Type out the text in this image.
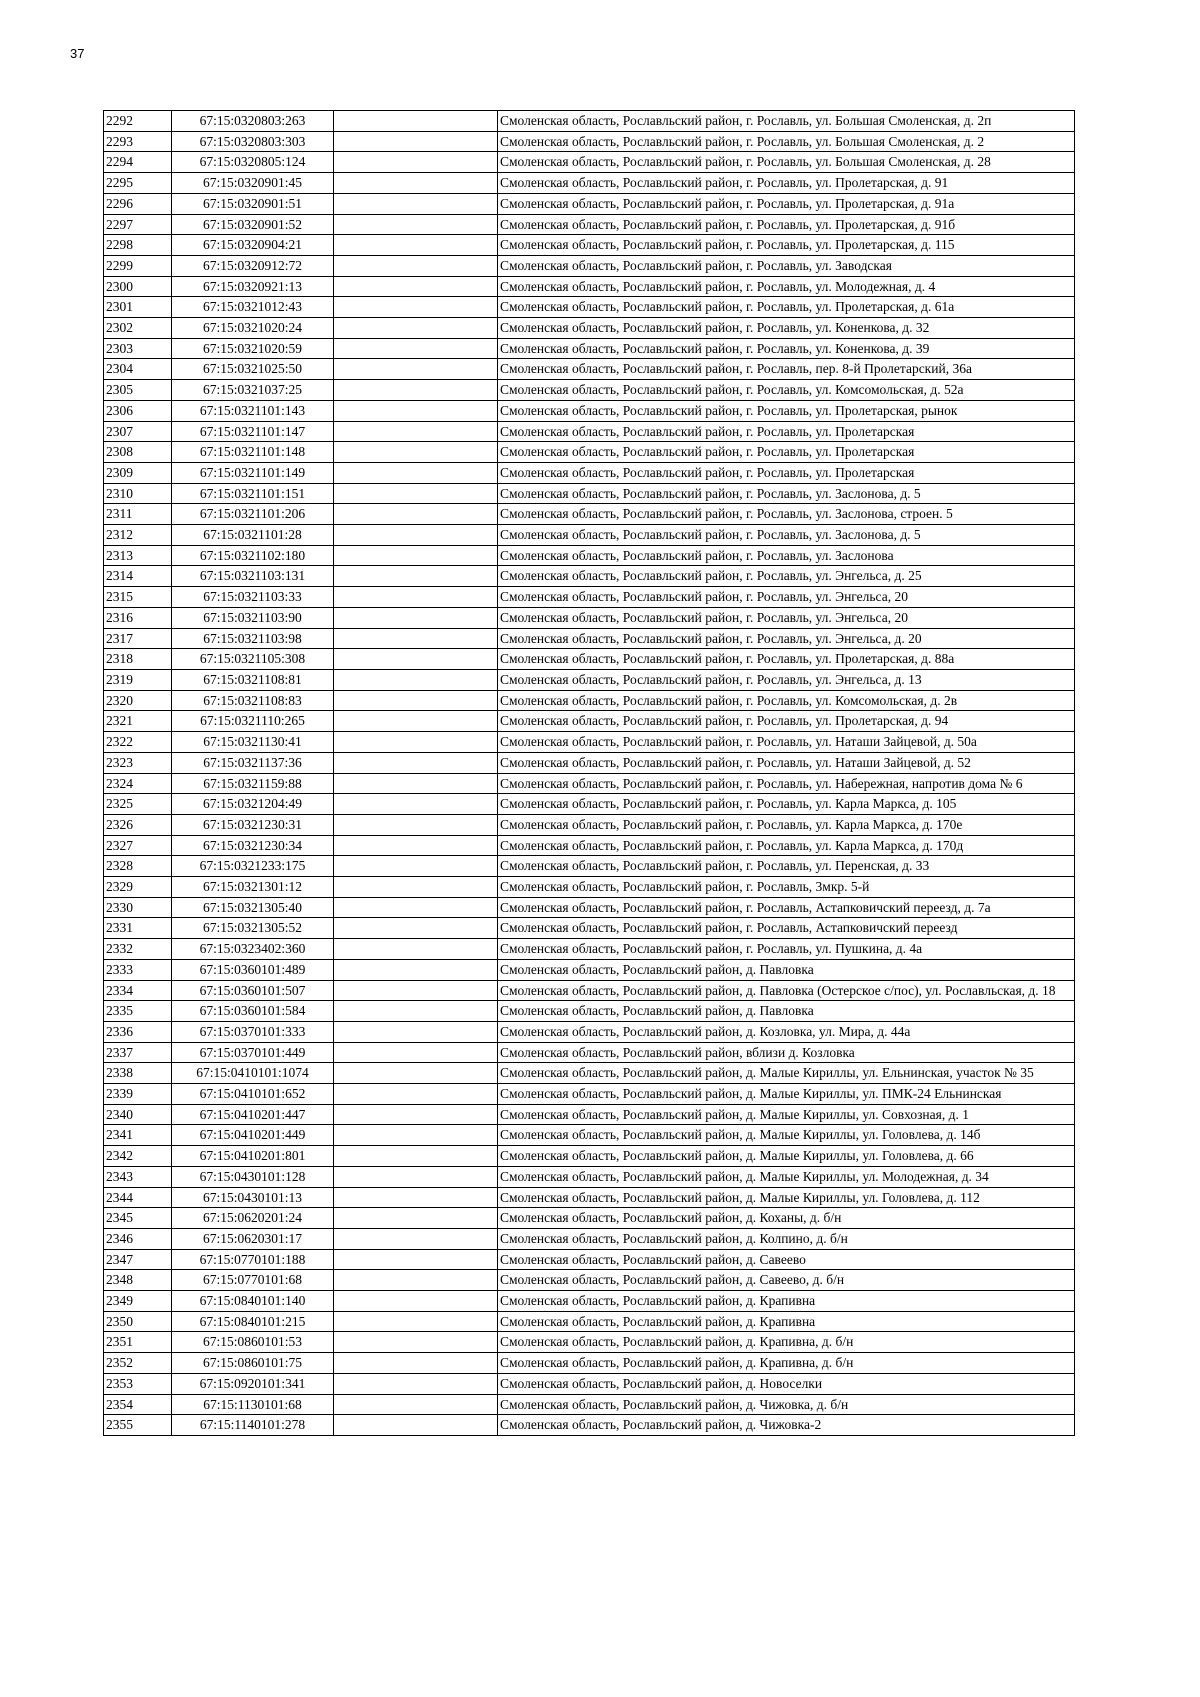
37
2292	67:15:0320803:263		Смоленская область, Рославльский район, г. Рославль, ул. Большая Смоленская, д. 2п
2293	67:15:0320803:303		Смоленская область, Рославльский район, г. Рославль, ул. Большая Смоленская, д. 2
2294	67:15:0320805:124		Смоленская область, Рославльский район, г. Рославль, ул. Большая Смоленская, д. 28
2295	67:15:0320901:45		Смоленская область, Рославльский район, г. Рославль, ул. Пролетарская, д. 91
2296	67:15:0320901:51		Смоленская область, Рославльский район, г. Рославль, ул. Пролетарская, д. 91а
2297	67:15:0320901:52		Смоленская область, Рославльский район, г. Рославль, ул. Пролетарская, д. 91б
2298	67:15:0320904:21		Смоленская область, Рославльский район, г. Рославль, ул. Пролетарская, д. 115
2299	67:15:0320912:72		Смоленская область, Рославльский район, г. Рославль, ул. Заводская
2300	67:15:0320921:13		Смоленская область, Рославльский район, г. Рославль, ул. Молодежная, д. 4
2301	67:15:0321012:43		Смоленская область, Рославльский район, г. Рославль, ул. Пролетарская, д. 61а
2302	67:15:0321020:24		Смоленская область, Рославльский район, г. Рославль, ул. Коненкова, д. 32
2303	67:15:0321020:59		Смоленская область, Рославльский район, г. Рославль, ул. Коненкова, д. 39
2304	67:15:0321025:50		Смоленская область, Рославльский район, г. Рославль, пер. 8-й Пролетарский, 36а
2305	67:15:0321037:25		Смоленская область, Рославльский район, г. Рославль, ул. Комсомольская, д. 52а
2306	67:15:0321101:143		Смоленская область, Рославльский район, г. Рославль, ул. Пролетарская, рынок
2307	67:15:0321101:147		Смоленская область, Рославльский район, г. Рославль, ул. Пролетарская
2308	67:15:0321101:148		Смоленская область, Рославльский район, г. Рославль, ул. Пролетарская
2309	67:15:0321101:149		Смоленская область, Рославльский район, г. Рославль, ул. Пролетарская
2310	67:15:0321101:151		Смоленская область, Рославльский район, г. Рославль, ул. Заслонова, д. 5
2311	67:15:0321101:206		Смоленская область, Рославльский район, г. Рославль, ул. Заслонова, строен. 5
2312	67:15:0321101:28		Смоленская область, Рославльский район, г. Рославль, ул. Заслонова, д. 5
2313	67:15:0321102:180		Смоленская область, Рославльский район, г. Рославль, ул. Заслонова
2314	67:15:0321103:131		Смоленская область, Рославльский район, г. Рославль, ул. Энгельса, д. 25
2315	67:15:0321103:33		Смоленская область, Рославльский район, г. Рославль, ул. Энгельса, 20
2316	67:15:0321103:90		Смоленская область, Рославльский район, г. Рославль, ул. Энгельса, 20
2317	67:15:0321103:98		Смоленская область, Рославльский район, г. Рославль, ул. Энгельса, д. 20
2318	67:15:0321105:308		Смоленская область, Рославльский район, г. Рославль, ул. Пролетарская, д. 88а
2319	67:15:0321108:81		Смоленская область, Рославльский район, г. Рославль, ул. Энгельса, д. 13
2320	67:15:0321108:83		Смоленская область, Рославльский район, г. Рославль, ул. Комсомольская, д. 2в
2321	67:15:0321110:265		Смоленская область, Рославльский район, г. Рославль, ул. Пролетарская, д. 94
2322	67:15:0321130:41		Смоленская область, Рославльский район, г. Рославль, ул. Наташи Зайцевой, д. 50а
2323	67:15:0321137:36		Смоленская область, Рославльский район, г. Рославль, ул. Наташи Зайцевой, д. 52
2324	67:15:0321159:88		Смоленская область, Рославльский район, г. Рославль, ул. Набережная, напротив дома № 6
2325	67:15:0321204:49		Смоленская область, Рославльский район, г. Рославль, ул. Карла Маркса, д. 105
2326	67:15:0321230:31		Смоленская область, Рославльский район, г. Рославль, ул. Карла Маркса, д. 170е
2327	67:15:0321230:34		Смоленская область, Рославльский район, г. Рославль, ул. Карла Маркса, д. 170д
2328	67:15:0321233:175		Смоленская область, Рославльский район, г. Рославль, ул. Перенская, д. 33
2329	67:15:0321301:12		Смоленская область, Рославльский район, г. Рославль, 3мкр. 5-й
2330	67:15:0321305:40		Смоленская область, Рославльский район, г. Рославль, Астапковичский переезд, д. 7а
2331	67:15:0321305:52		Смоленская область, Рославльский район, г. Рославль, Астапковичский переезд
2332	67:15:0323402:360		Смоленская область, Рославльский район, г. Рославль, ул. Пушкина, д. 4а
2333	67:15:0360101:489		Смоленская область, Рославльский район, д. Павловка
2334	67:15:0360101:507		Смоленская область, Рославльский район, д. Павловка (Остерское с/пос), ул. Рославльская, д. 18
2335	67:15:0360101:584		Смоленская область, Рославльский район, д. Павловка
2336	67:15:0370101:333		Смоленская область, Рославльский район, д. Козловка, ул. Мира, д. 44а
2337	67:15:0370101:449		Смоленская область, Рославльский район, вблизи д. Козловка
2338	67:15:0410101:1074		Смоленская область, Рославльский район, д. Малые Кириллы, ул. Ельнинская, участок № 35
2339	67:15:0410101:652		Смоленская область, Рославльский район, д. Малые Кириллы, ул. ПМК-24 Ельнинская
2340	67:15:0410201:447		Смоленская область, Рославльский район, д. Малые Кириллы, ул. Совхозная, д. 1
2341	67:15:0410201:449		Смоленская область, Рославльский район, д. Малые Кириллы, ул. Головлева, д. 14б
2342	67:15:0410201:801		Смоленская область, Рославльский район, д. Малые Кириллы, ул. Головлева, д. 66
2343	67:15:0430101:128		Смоленская область, Рославльский район, д. Малые Кириллы, ул. Молодежная, д. 34
2344	67:15:0430101:13		Смоленская область, Рославльский район, д. Малые Кириллы, ул. Головлева, д. 112
2345	67:15:0620201:24		Смоленская область, Рославльский район, д. Коханы, д. б/н
2346	67:15:0620301:17		Смоленская область, Рославльский район, д. Колпино, д. б/н
2347	67:15:0770101:188		Смоленская область, Рославльский район, д. Савеево
2348	67:15:0770101:68		Смоленская область, Рославльский район, д. Савеево, д. б/н
2349	67:15:0840101:140		Смоленская область, Рославльский район, д. Крапивна
2350	67:15:0840101:215		Смоленская область, Рославльский район, д. Крапивна
2351	67:15:0860101:53		Смоленская область, Рославльский район, д. Крапивна, д. б/н
2352	67:15:0860101:75		Смоленская область, Рославльский район, д. Крапивна, д. б/н
2353	67:15:0920101:341		Смоленская область, Рославльский район, д. Новоселки
2354	67:15:1130101:68		Смоленская область, Рославльский район, д. Чижовка, д. б/н
2355	67:15:1140101:278		Смоленская область, Рославльский район, д. Чижовка-2
